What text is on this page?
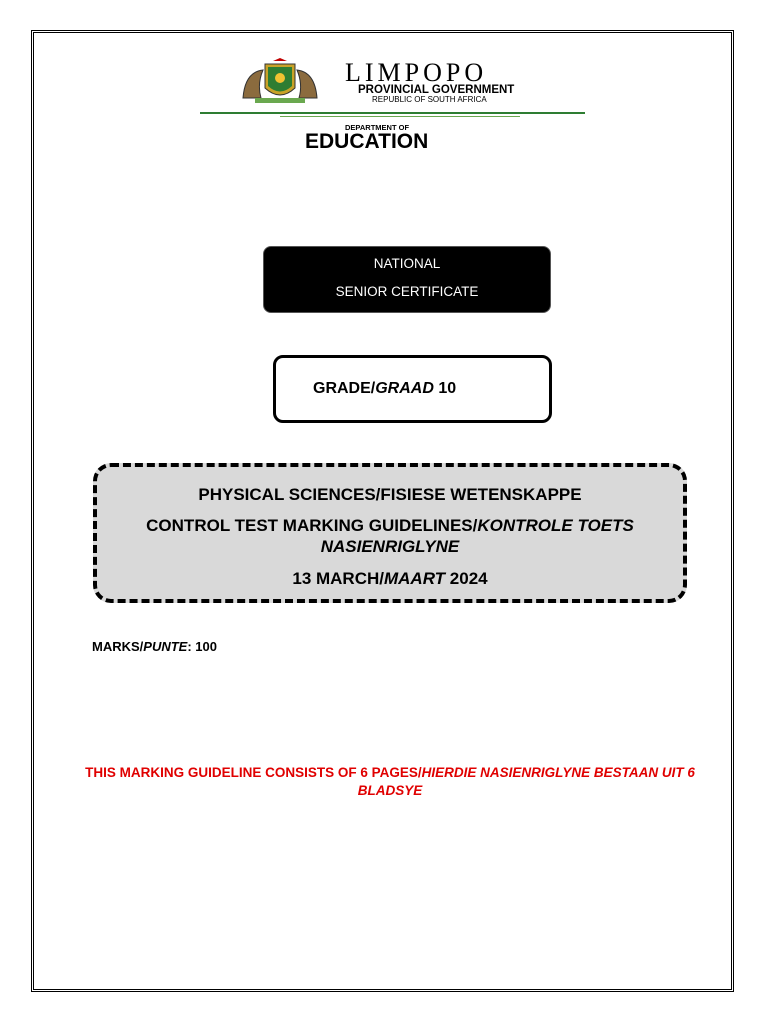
LIMPOPO
PROVINCIAL GOVERNMENT
REPUBLIC OF SOUTH AFRICA
DEPARTMENT OF
EDUCATION
NATIONAL
SENIOR CERTIFICATE
GRADE/GRAAD 10
PHYSICAL SCIENCES/FISIESE WETENSKAPPE
CONTROL TEST MARKING GUIDELINES/KONTROLE TOETS NASIENRIGLYNE
13 MARCH/MAART 2024
MARKS/PUNTE: 100
THIS MARKING GUIDELINE CONSISTS OF 6 PAGES/HIERDIE NASIENRIGLYNE BESTAAN UIT 6 BLADSYE
